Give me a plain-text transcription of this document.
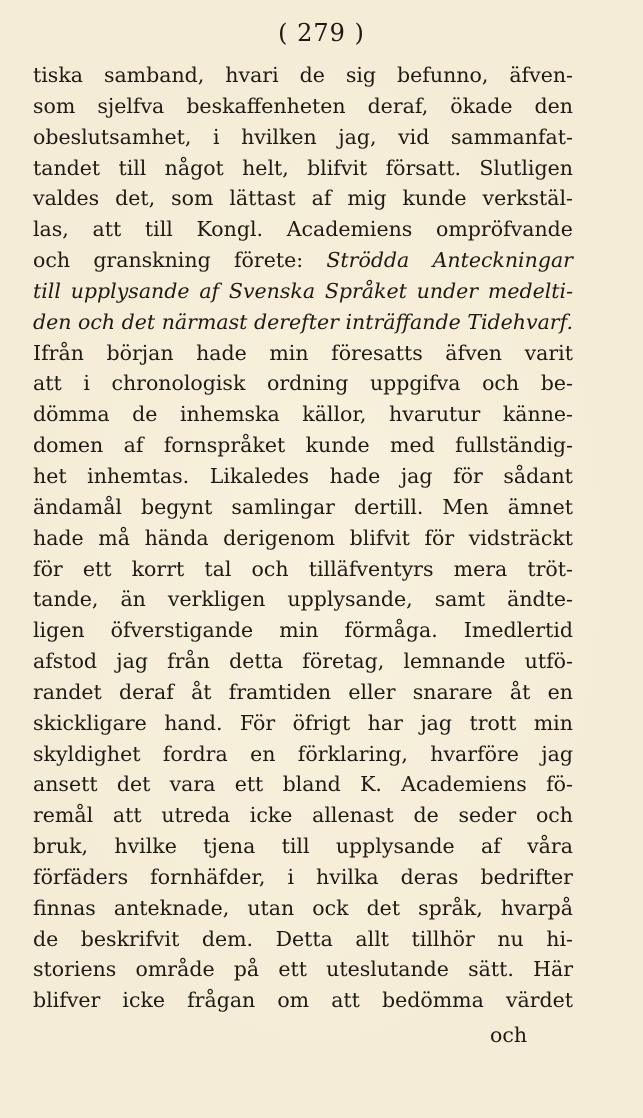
( 279 )
tiska samband, hvari de sig befunno, äfven-
som sjelfva beskaffenheten deraf, ökade den
obeslutsamhet, i hvilken jag, vid sammanfat-
tandet till något helt, blifvit försatt. Slutligen
valdes det, som lättast af mig kunde verkstäl-
las, att till Kongl. Academiens ompröfvande
och granskning förete: Strödda Anteckningar
till upplysande af Svenska Språket under medelti-
den och det närmast derefter inträffande Tidehvarf.
Ifrån början hade min föresatts äfven varit
att i chronologisk ordning uppgifva och be-
dömma de inhemska källor, hvarutur känne-
domen af fornspråket kunde med fullständig-
het inhemtas. Likaledes hade jag för sådant
ändamål begynt samlingar dertill. Men ämnet
hade må hända derigenom blifvit för vidsträckt
för ett korrt tal och tilläfventyrs mera tröt-
tande, än verkligen upplysande, samt ändte-
ligen öfverstigande min förmåga. Imedlertid
afstod jag från detta företag, lemnande utfö-
randet deraf åt framtiden eller snarare åt en
skickligare hand. För öfrigt har jag trott min
skyldighet fordra en förklaring, hvarföre jag
ansett det vara ett bland K. Academiens fö-
remål att utreda icke allenast de seder och
bruk, hvilke tjena till upplysande af våra
förfäders fornhäfder, i hvilka deras bedrifter
finnas anteknade, utan ock det språk, hvarpå
de beskrifvit dem. Detta allt tillhör nu hi-
storiens område på ett uteslutande sätt. Här
blifver icke frågan om att bedömma värdet
och
